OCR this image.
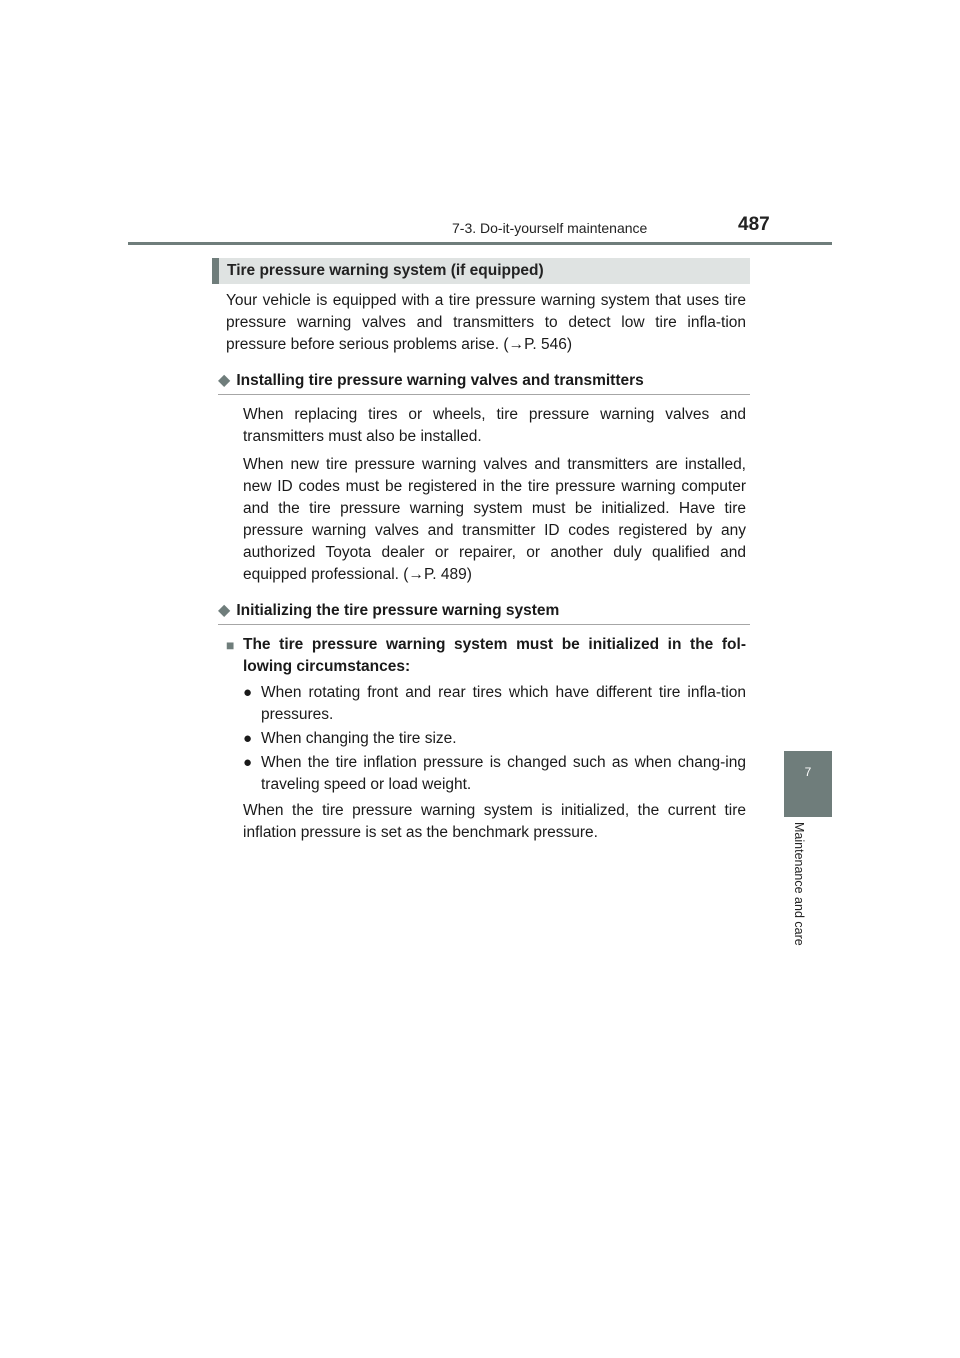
7-3. Do-it-yourself maintenance	487
7
Maintenance and care
Tire pressure warning system (if equipped)

Your vehicle is equipped with a tire pressure warning system that uses tire pressure warning valves and transmitters to detect low tire infla-tion pressure before serious problems arise. (→P. 546)

◆ Installing tire pressure warning valves and transmitters

When replacing tires or wheels, tire pressure warning valves and transmitters must also be installed.

When new tire pressure warning valves and transmitters are installed, new ID codes must be registered in the tire pressure warning computer and the tire pressure warning system must be initialized. Have tire pressure warning valves and transmitter ID codes registered by any authorized Toyota dealer or repairer, or another duly qualified and equipped professional. (→P. 489)

◆ Initializing the tire pressure warning system

■ The tire pressure warning system must be initialized in the fol-lowing circumstances:

● When rotating front and rear tires which have different tire infla-tion pressures.
● When changing the tire size.
● When the tire inflation pressure is changed such as when chang-ing traveling speed or load weight.

When the tire pressure warning system is initialized, the current tire inflation pressure is set as the benchmark pressure.
